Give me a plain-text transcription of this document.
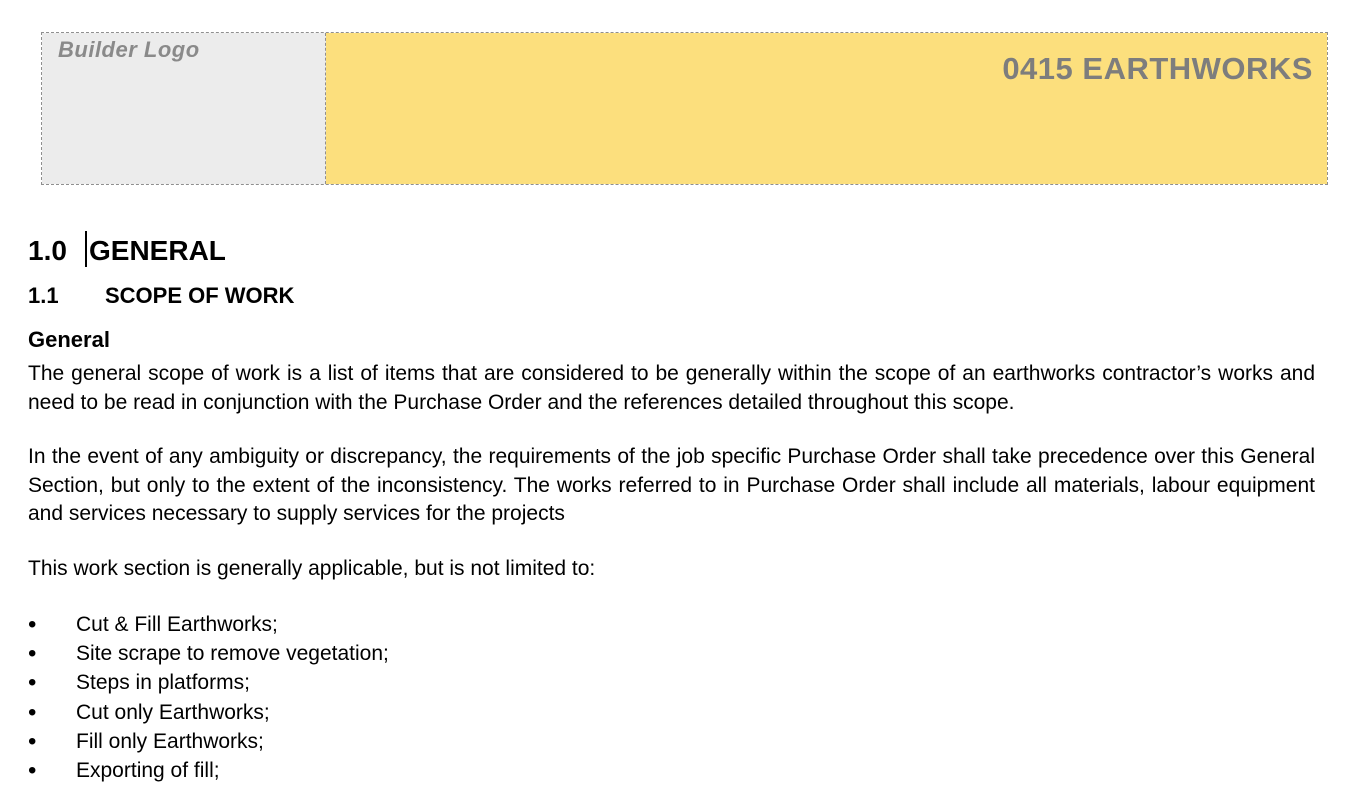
Builder Logo
0415 EARTHWORKS
1.0 GENERAL
1.1 SCOPE OF WORK
General

The general scope of work is a list of items that are considered to be generally within the scope of an earthworks contractor’s works and need to be read in conjunction with the Purchase Order and the references detailed throughout this scope.

In the event of any ambiguity or discrepancy, the requirements of the job specific Purchase Order shall take precedence over this General Section, but only to the extent of the inconsistency. The works referred to in Purchase Order shall include all materials, labour equipment and services necessary to supply services for the projects

This work section is generally applicable, but is not limited to:

•	Cut & Fill Earthworks;
•	Site scrape to remove vegetation;
•	Steps in platforms;
•	Cut only Earthworks;
•	Fill only Earthworks;
•	Exporting of fill;
